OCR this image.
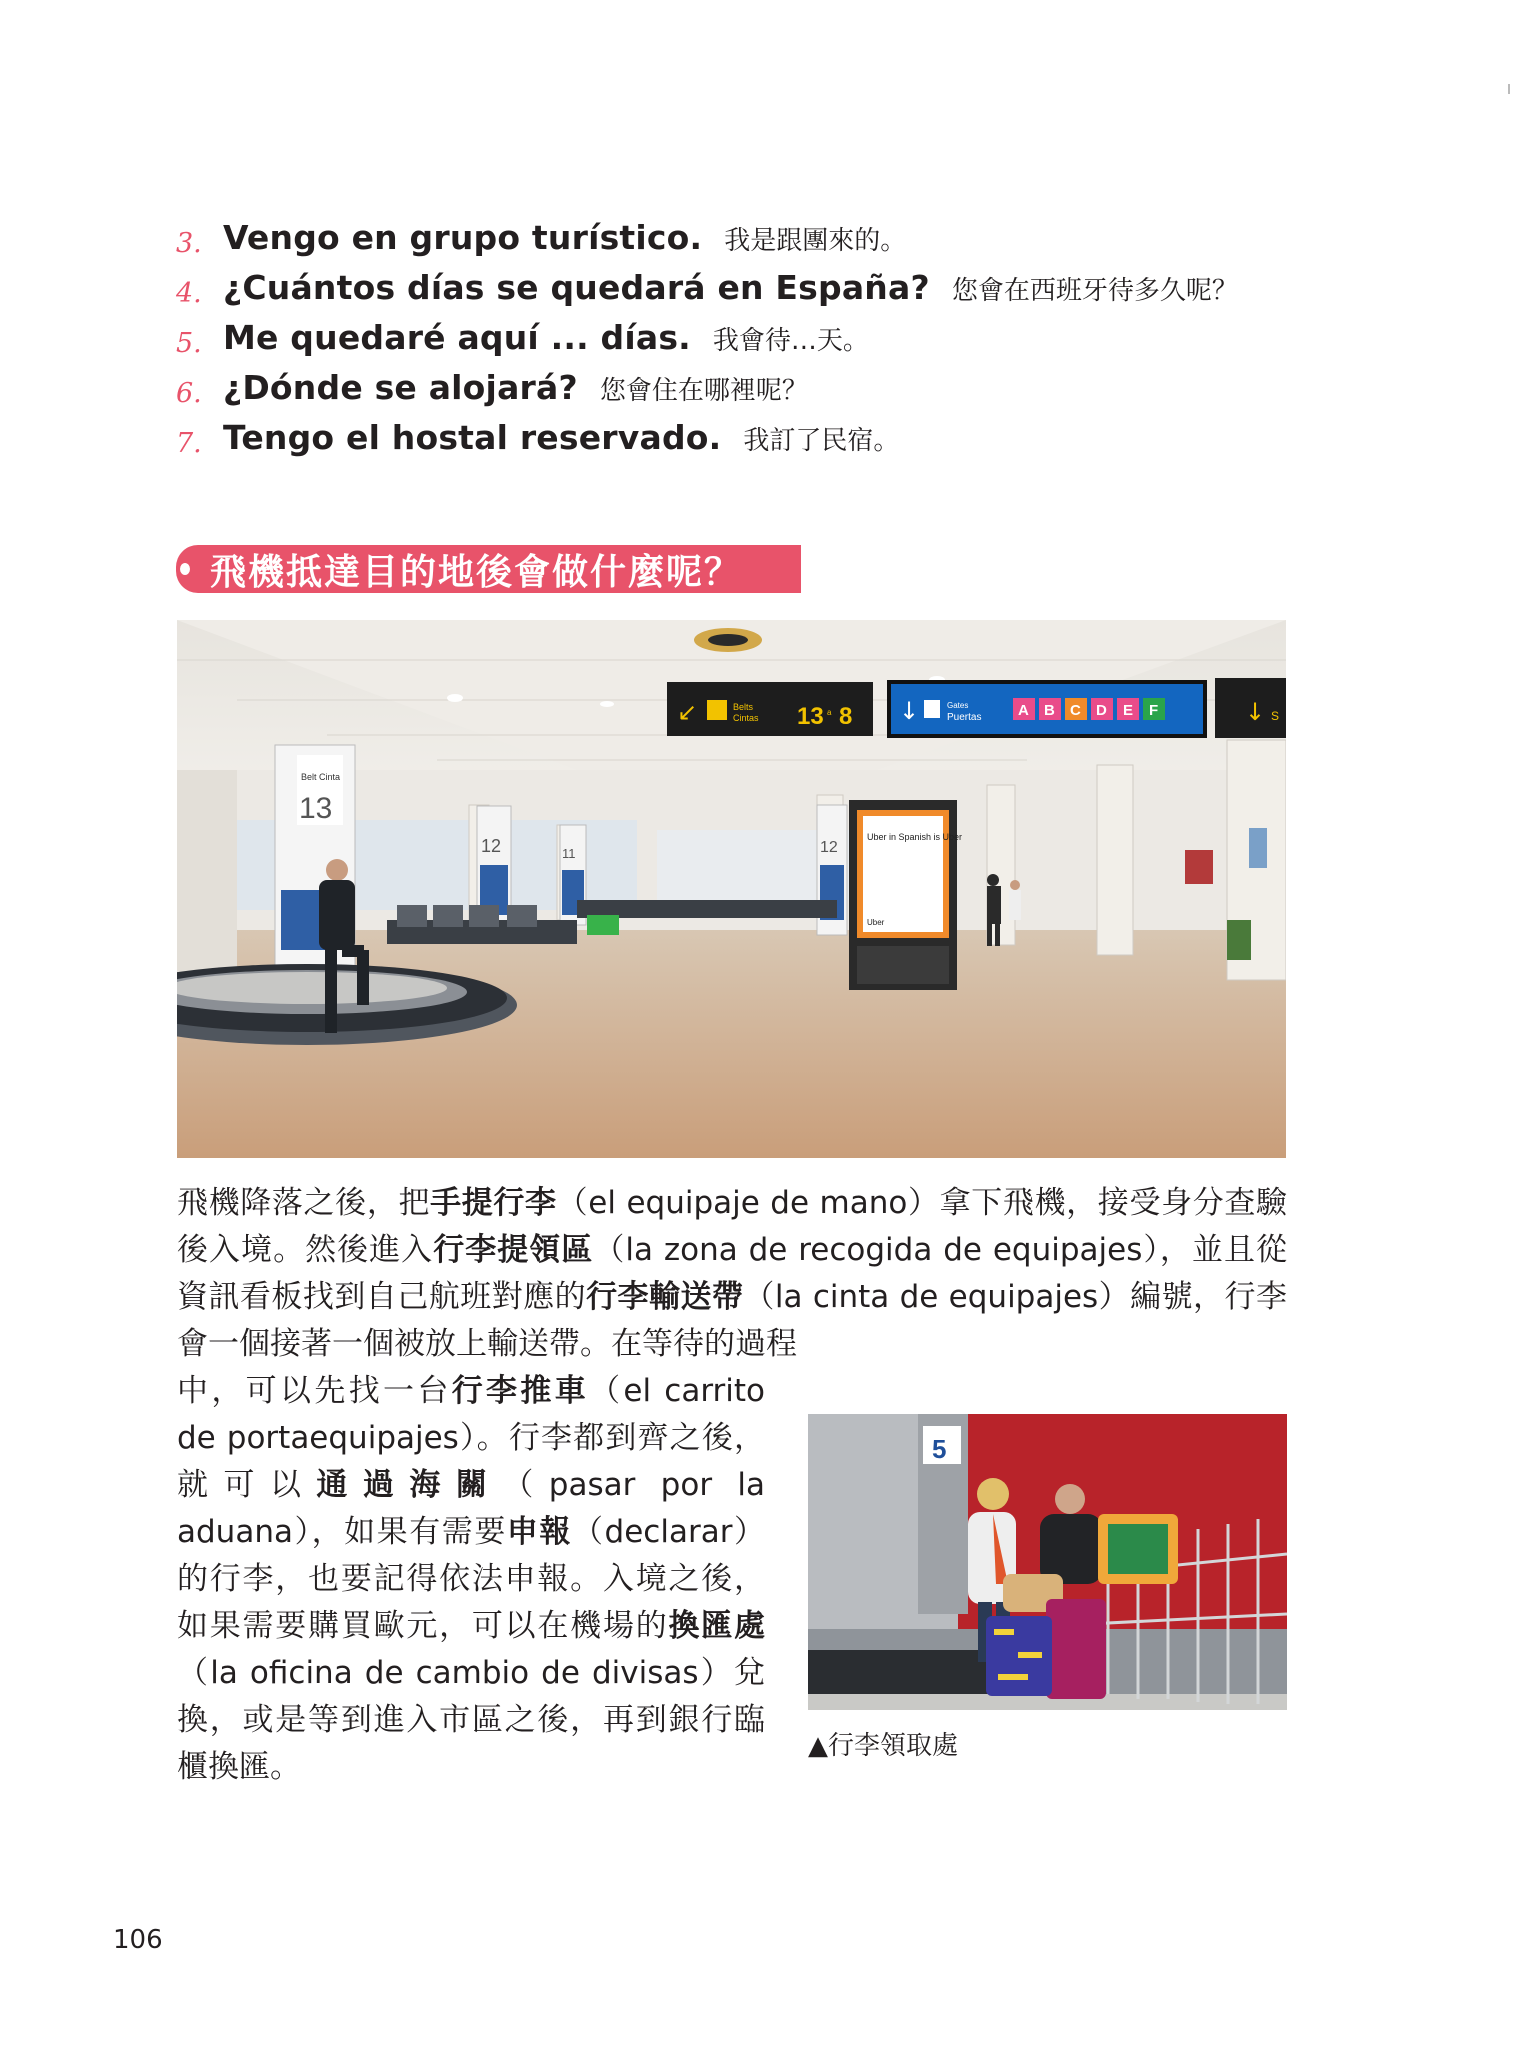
3. Vengo en grupo turístico. 我是跟團來的。
4. ¿Cuántos días se quedará en España? 您會在西班牙待多久呢？
5. Me quedaré aquí ... días. 我會待…天。
6. ¿Dónde se alojará? 您會住在哪裡呢？
7. Tengo el hostal reservado. 我訂了民宿。
飛機抵達目的地後會做什麼呢？
Belt Cinta
13
12	11	12
↙	Belts
Cintas 13 a 8 ↓	Gates
Puertas A B C D E F	↓ S
Uber in Spanish is Uber
Uber
飛機降落之後，把手提行李（el equipaje de mano）拿下飛機，接受身分查驗後入境。然後進入行李提領區（la zona de recogida de equipajes），並且從資訊看板找到自己航班對應的行李輸送帶（la cinta de equipajes）編號，行李會一個接著一個被放上輸送帶。在等待的過程
中，可以先找一台行李推車（el carrito de portaequipajes）。行李都到齊之後，就可以通過海關（pasar por la aduana），如果有需要申報（declarar）的行李，也要記得依法申報。入境之後，如果需要購買歐元，可以在機場的換匯處（la oficina de cambio de divisas）兌換，或是等到進入市區之後，再到銀行臨櫃換匯。
5
▲行李領取處
106
